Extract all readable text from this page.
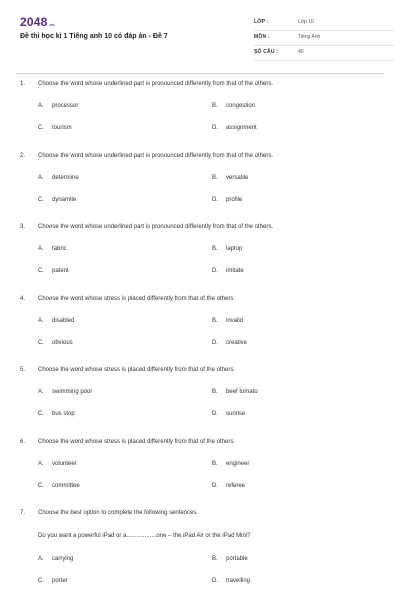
2048.vn
Đề thi học kì 1 Tiếng anh 10 có đáp án - Đề 7
LỚP :	Lớp 10
MÔN :	Tiếng Anh
SỐ CÂU :	40
1. Choose the word whose underlined part is pronounced differently from that of the others.
A. processor	B. congestion
C. tourism	D. assignment
2. Choose the word whose underlined part is pronounced differently from that of the others.
A. determine	B. versatile
C. dynamite	D. profile
3. Choose the word whose underlined part is pronounced differently from that of the others.
A. fabric	B. laptop
C. patent	D. imitate
4. Choose the word whose stress is placed differently from that of the others.
A. disabled	B. invalid
C. obvious	D. creative
5. Choose the word whose stress is placed differently from that of the others.
A. swimming pool	B. beef tomato
C. bus stop	D. sunrise
6. Choose the word whose stress is placed differently from that of the others.
A. volunteer	B. engineer
C. committee	D. referee
7. Choose the best option to complete the following sentences.
Do you want a powerful iPad or a..................one – the iPad Air or the iPad Mini?
A. carrying	B. portable
C. porter	D. travelling
